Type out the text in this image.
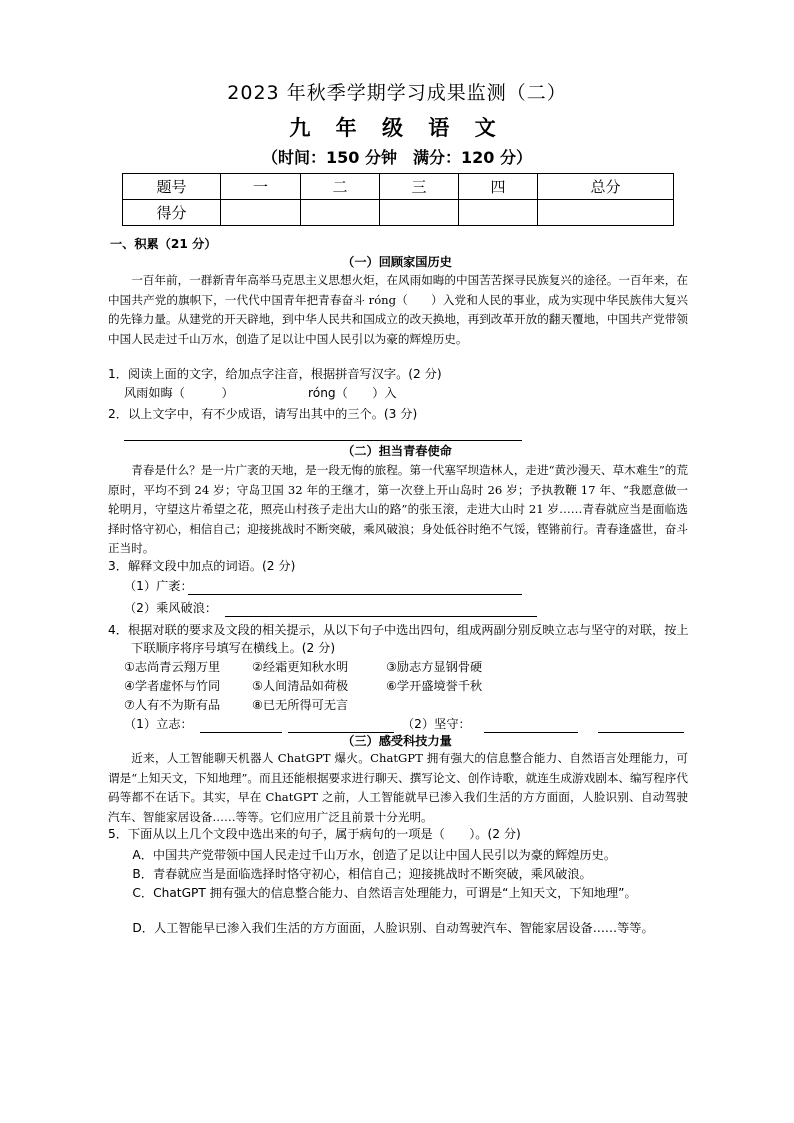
2023 年秋季学期学习成果监测（二）
九 年 级 语 文
（时间：150 分钟　满分：120 分）
题号	一	二	三	四	总分
得分					
一、积累（21 分）
（一）回顾家国历史

一百年前，一群新青年高举马克思主义思想火炬，在风雨如晦的中国苦苦探寻民族复兴的途径。一百年来，在中国共产党的旗帜下，一代代中国青年把青春奋斗 róng（　　）入党和人民的事业，成为实现中华民族伟大复兴的先锋力量。从建党的开天辟地，到中华人民共和国成立的改天换地，再到改革开放的翻天覆地，中国共产党带领中国人民走过千山万水，创造了足以让中国人民引以为豪的辉煌历史。

1．阅读上面的文字，给加点字注音，根据拼音写汉字。(2 分)
风雨如晦（　　　）	róng（　　）入
2．以上文字中，有不少成语，请写出其中的三个。(3 分)
（二）担当青春使命

青春是什么？是一片广袤的天地，是一段无悔的旅程。第一代塞罕坝造林人，走进“黄沙漫天、草木难生”的荒原时，平均不到 24 岁；守岛卫国 32 年的王继才，第一次登上开山岛时 26 岁；予执教鞭 17 年、“我愿意做一轮明月，守望这片希望之花，照亮山村孩子走出大山的路”的张玉滚，走进大山时 21 岁……青春就应当是面临选择时恪守初心，相信自己；迎接挑战时不断突破，乘风破浪；身处低谷时绝不气馁，铿锵前行。青春逢盛世，奋斗正当时。

3．解释文段中加点的词语。(2 分)
（1）广袤：
（2）乘风破浪：

4．根据对联的要求及文段的相关提示，从以下句子中选出四句，组成两副分别反映立志与坚守的对联，按上下联顺序将序号填写在横线上。(2 分)

①志尚青云翔万里	②经霜更知秋水明	③励志方显钢骨硬
④学者虚怀与竹同	⑤人间清品如荷极	⑥学开盛境誉千秋
⑦人有不为斯有品	⑧已无所得可无言
（1）立志：	（2）坚守：
（三）感受科技力量

近来，人工智能聊天机器人 ChatGPT 爆火。ChatGPT 拥有强大的信息整合能力、自然语言处理能力，可谓是“上知天文，下知地理”。而且还能根据要求进行聊天、撰写论文、创作诗歌，就连生成游戏剧本、编写程序代码等都不在话下。其实，早在 ChatGPT 之前，人工智能就早已渗入我们生活的方方面面，人脸识别、自动驾驶汽车、智能家居设备……等等。它们应用广泛且前景十分光明。

5．下面从以上几个文段中选出来的句子，属于病句的一项是（　　）。(2 分)

A．中国共产党带领中国人民走过千山万水，创造了足以让中国人民引以为豪的辉煌历史。

B．青春就应当是面临选择时恪守初心，相信自己；迎接挑战时不断突破，乘风破浪。

C．ChatGPT 拥有强大的信息整合能力、自然语言处理能力，可谓是“上知天文，下知地理”。

D．人工智能早已渗入我们生活的方方面面，人脸识别、自动驾驶汽车、智能家居设备……等等。
